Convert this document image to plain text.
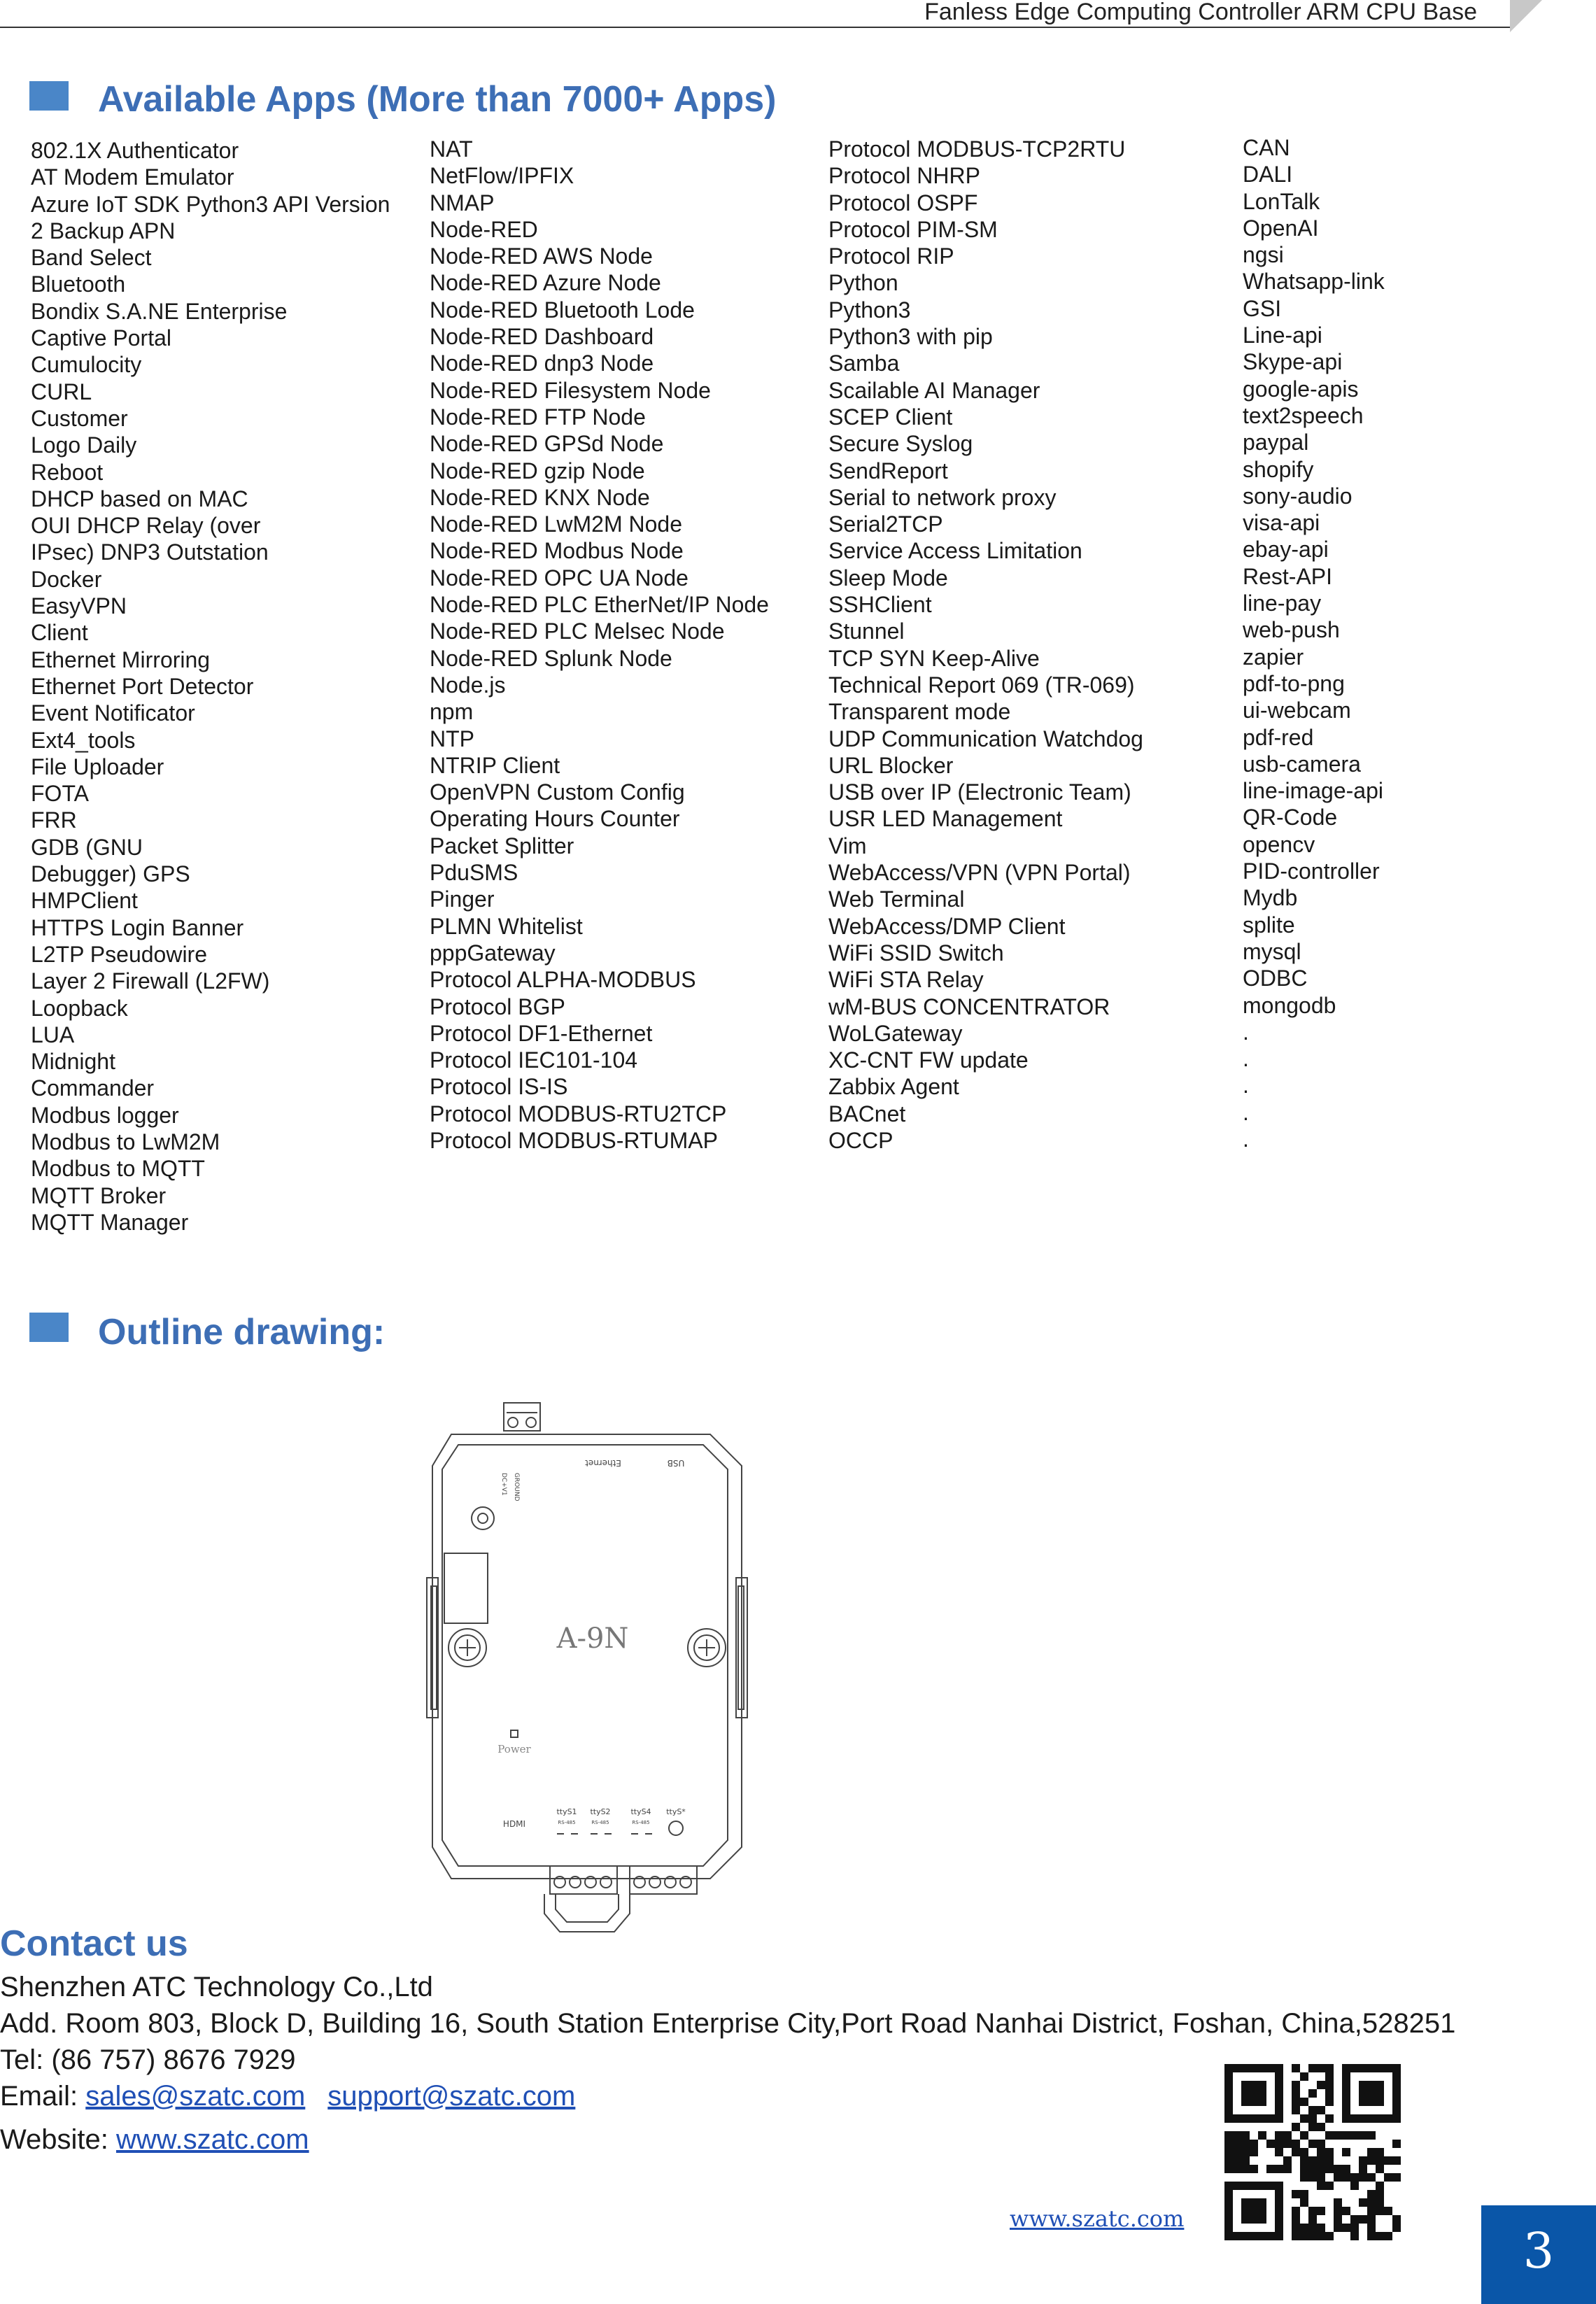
Fanless Edge Computing Controller ARM CPU Base
Available Apps (More than 7000+ Apps)
802.1X Authenticator
AT Modem Emulator
Azure IoT SDK Python3 API Version
2 Backup APN
Band Select
Bluetooth
Bondix S.A.NE Enterprise
Captive Portal
Cumulocity
CURL
Customer
Logo Daily
Reboot
DHCP based on MAC
OUI DHCP Relay (over
IPsec) DNP3 Outstation
Docker
EasyVPN
Client
Ethernet Mirroring
Ethernet Port Detector
Event Notificator
Ext4_tools
File Uploader
FOTA
FRR
GDB (GNU
Debugger) GPS
HMPClient
HTTPS Login Banner
L2TP Pseudowire
Layer 2 Firewall (L2FW)
Loopback
LUA
Midnight
Commander
Modbus logger
Modbus to LwM2M
Modbus to MQTT
MQTT Broker
MQTT Manager
NAT
NetFlow/IPFIX
NMAP
Node-RED
Node-RED AWS Node
Node-RED Azure Node
Node-RED Bluetooth Lode
Node-RED Dashboard
Node-RED dnp3 Node
Node-RED Filesystem Node
Node-RED FTP Node
Node-RED GPSd Node
Node-RED gzip Node
Node-RED KNX Node
Node-RED LwM2M Node
Node-RED Modbus Node
Node-RED OPC UA Node
Node-RED PLC EtherNet/IP Node
Node-RED PLC Melsec Node
Node-RED Splunk Node
Node.js
npm
NTP
NTRIP Client
OpenVPN Custom Config
Operating Hours Counter
Packet Splitter
PduSMS
Pinger
PLMN Whitelist
pppGateway
Protocol ALPHA-MODBUS
Protocol BGP
Protocol DF1-Ethernet
Protocol IEC101-104
Protocol IS-IS
Protocol MODBUS-RTU2TCP
Protocol MODBUS-RTUMAP
Protocol MODBUS-TCP2RTU
Protocol NHRP
Protocol OSPF
Protocol PIM-SM
Protocol RIP
Python
Python3
Python3 with pip
Samba
Scailable AI Manager
SCEP Client
Secure Syslog
SendReport
Serial to network proxy
Serial2TCP
Service Access Limitation
Sleep Mode
SSHClient
Stunnel
TCP SYN Keep-Alive
Technical Report 069 (TR-069)
Transparent mode
UDP Communication Watchdog
URL Blocker
USB over IP (Electronic Team)
USR LED Management
Vim
WebAccess/VPN (VPN Portal)
Web Terminal
WebAccess/DMP Client
WiFi SSID Switch
WiFi STA Relay
wM-BUS CONCENTRATOR
WoLGateway
XC-CNT FW update
Zabbix Agent
BACnet
OCCP
CAN
DALI
LonTalk
OpenAI
ngsi
Whatsapp-link
GSI
Line-api
Skype-api
google-apis
text2speech
paypal
shopify
sony-audio
visa-api
ebay-api
Rest-API
line-pay
web-push
zapier
pdf-to-png
ui-webcam
pdf-red
usb-camera
line-image-api
QR-Code
opencv
PID-controller
Mydb
splite
mysql
ODBC
mongodb
.
.
.
.
.
Outline drawing:
Ethernet	USB
GROUND
DC+V1
A-9N
Power
HDMI
ttyS1 ttyS2	ttyS4 ttyS*
RS-485	RS-485	RS-485
Contact us
Shenzhen ATC Technology Co.,Ltd
Add. Room 803, Block D, Building 16, South Station Enterprise City,Port Road Nanhai District, Foshan, China,528251
Tel: (86 757) 8676 7929
Email: sales@szatc.com support@szatc.com
Website: www.szatc.com
www.szatc.com
3
